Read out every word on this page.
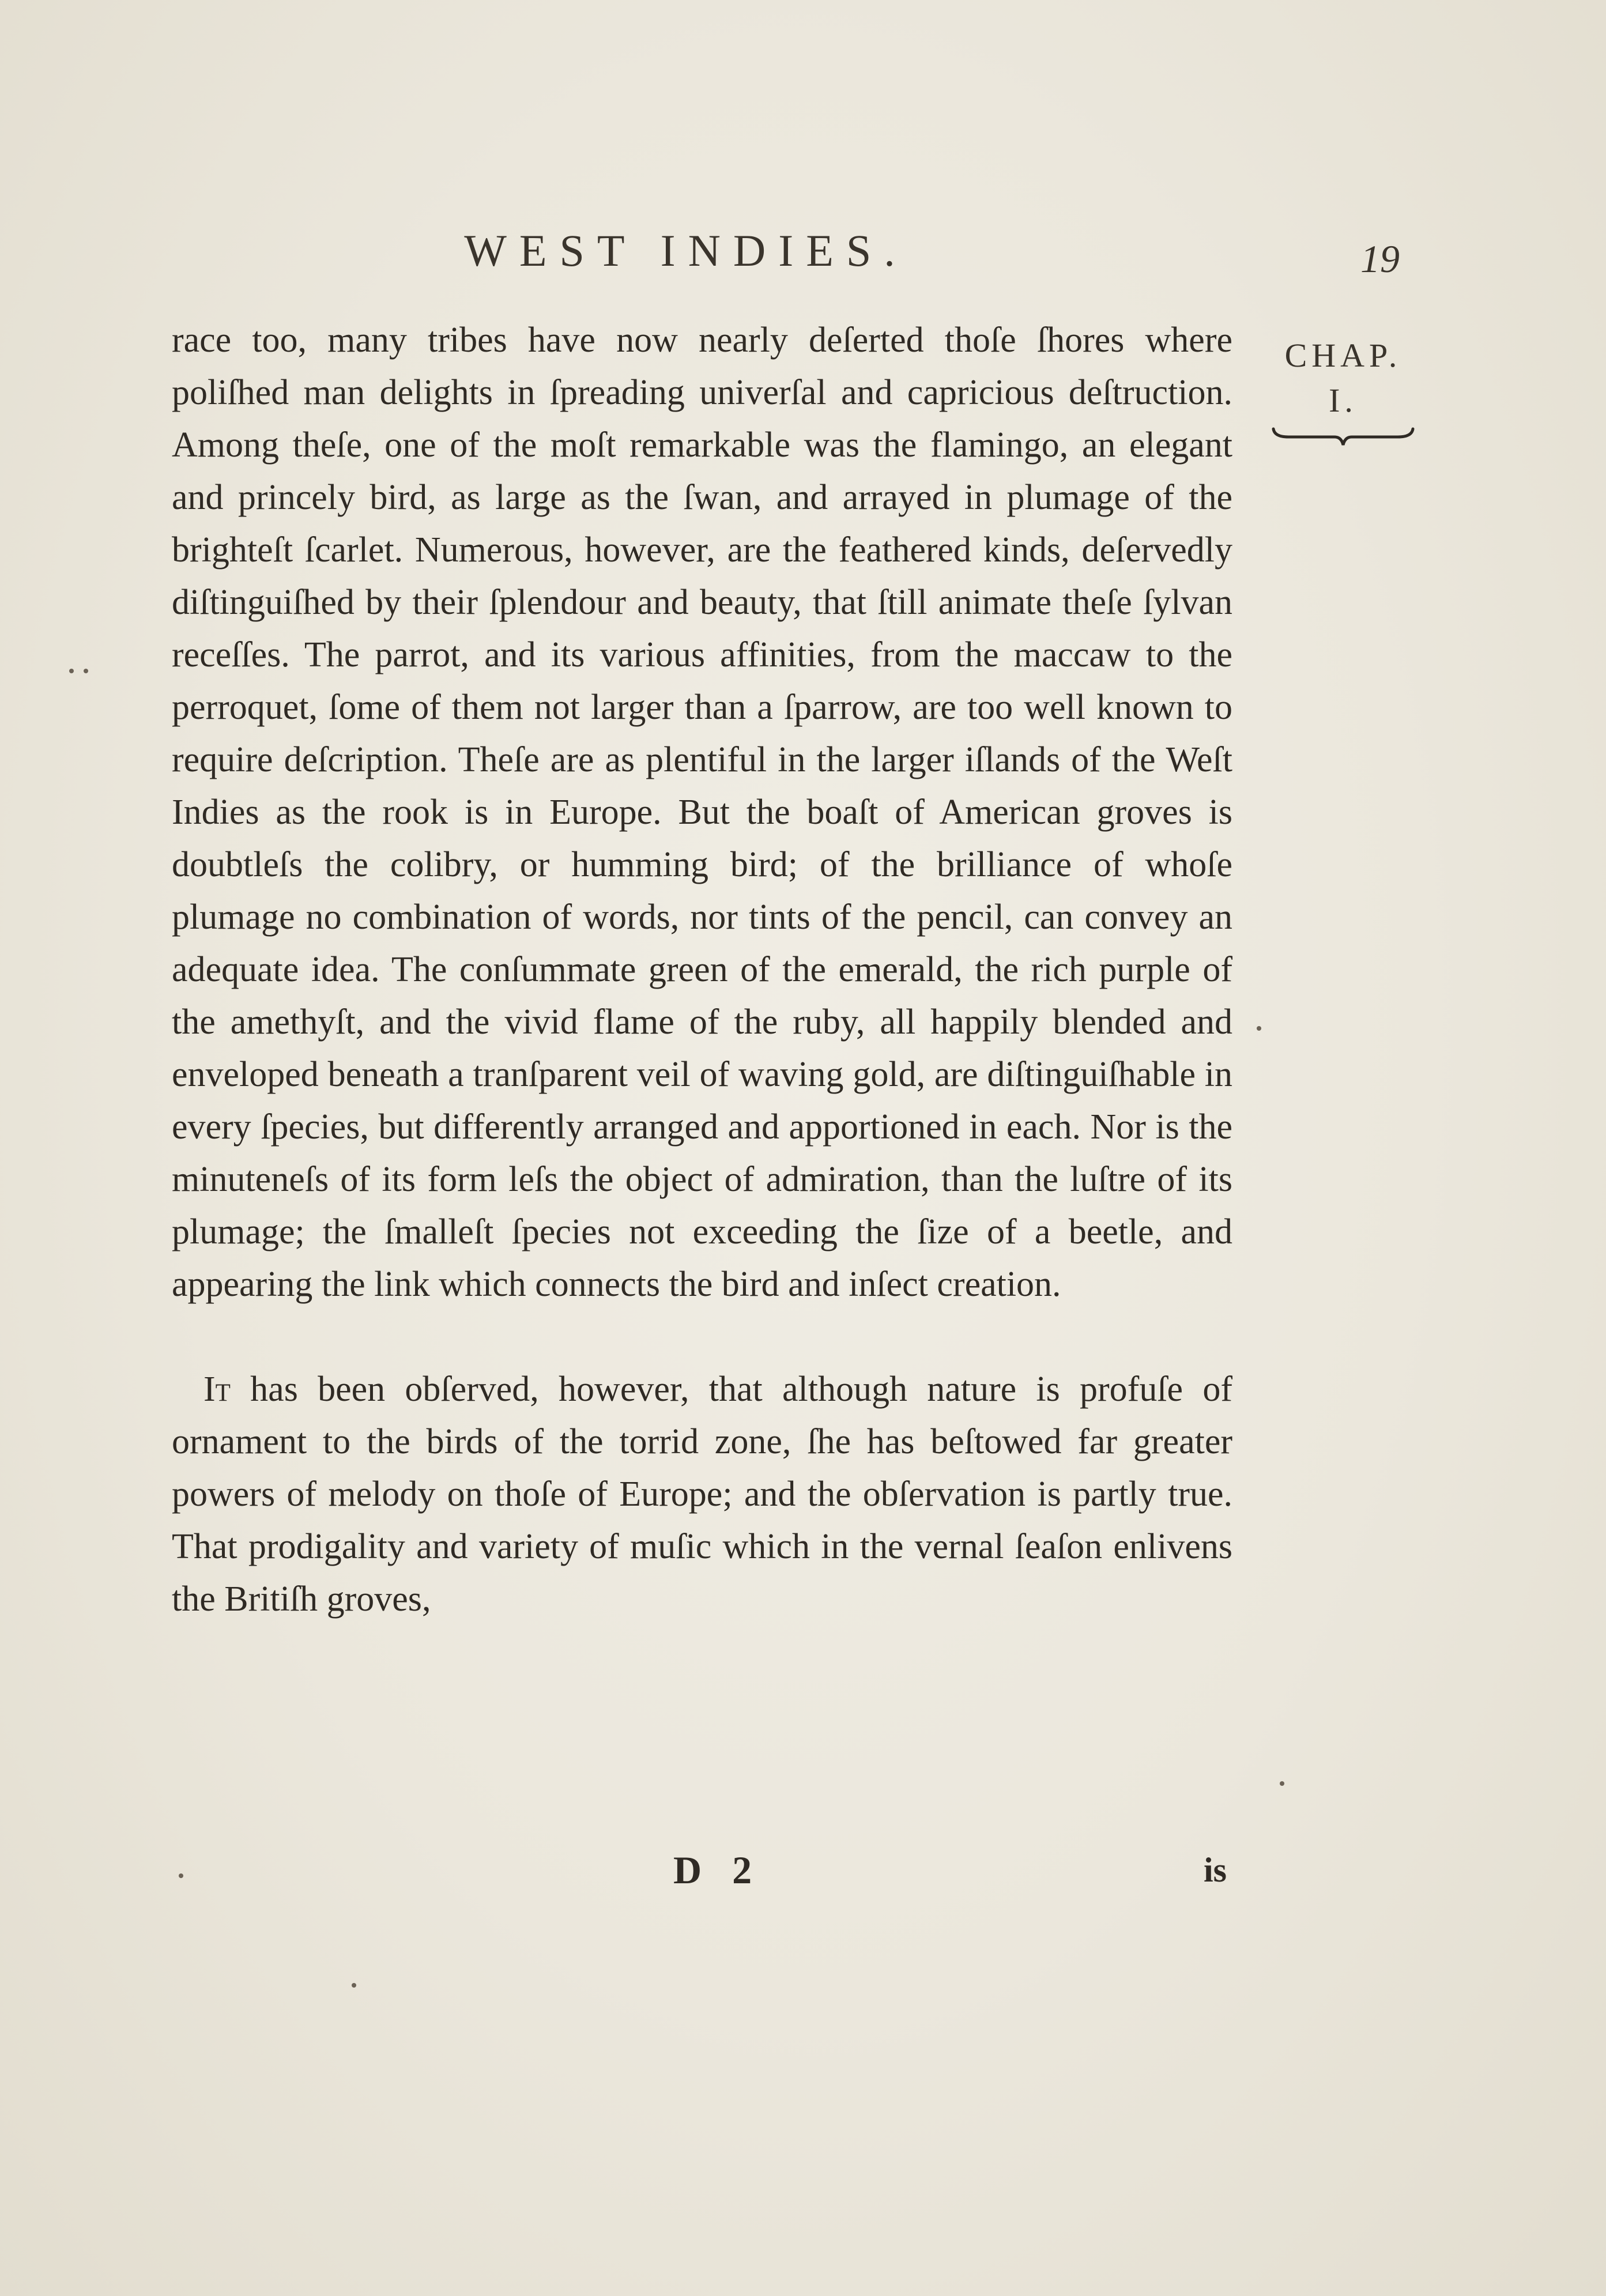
WEST INDIES.	19
CHAP.
I.

race too, many tribes have now nearly deſerted thoſe ſhores where poliſhed man delights in ſpreading univerſal and capricious deſtruction. Among theſe, one of the moſt remarkable was the flamingo, an elegant and princely bird, as large as the ſwan, and arrayed in plumage of the brighteſt ſcarlet. Numerous, however, are the feathered kinds, deſervedly diſtinguiſhed by their ſplendour and beauty, that ſtill animate theſe ſylvan receſſes. The parrot, and its various affinities, from the maccaw to the perroquet, ſome of them not larger than a ſparrow, are too well known to require deſcription. Theſe are as plentiful in the larger iſlands of the Weſt Indies as the rook is in Europe. But the boaſt of American groves is doubtleſs the colibry, or humming bird; of the brilliance of whoſe plumage no combination of words, nor tints of the pencil, can convey an adequate idea. The conſummate green of the emerald, the rich purple of the amethyſt, and the vivid flame of the ruby, all happily blended and enveloped beneath a tranſparent veil of waving gold, are diſtinguiſhable in every ſpecies, but differently arranged and apportioned in each. Nor is the minuteneſs of its form leſs the object of admiration, than the luſtre of its plumage; the ſmalleſt ſpecies not exceeding the ſize of a beetle, and appearing the link which connects the bird and inſect creation.

It has been obſerved, however, that although nature is profuſe of ornament to the birds of the torrid zone, ſhe has beſtowed far greater powers of melody on thoſe of Europe; and the obſervation is partly true. That prodigality and variety of muſic which in the vernal ſeaſon enlivens the Britiſh groves,

D 2	is
